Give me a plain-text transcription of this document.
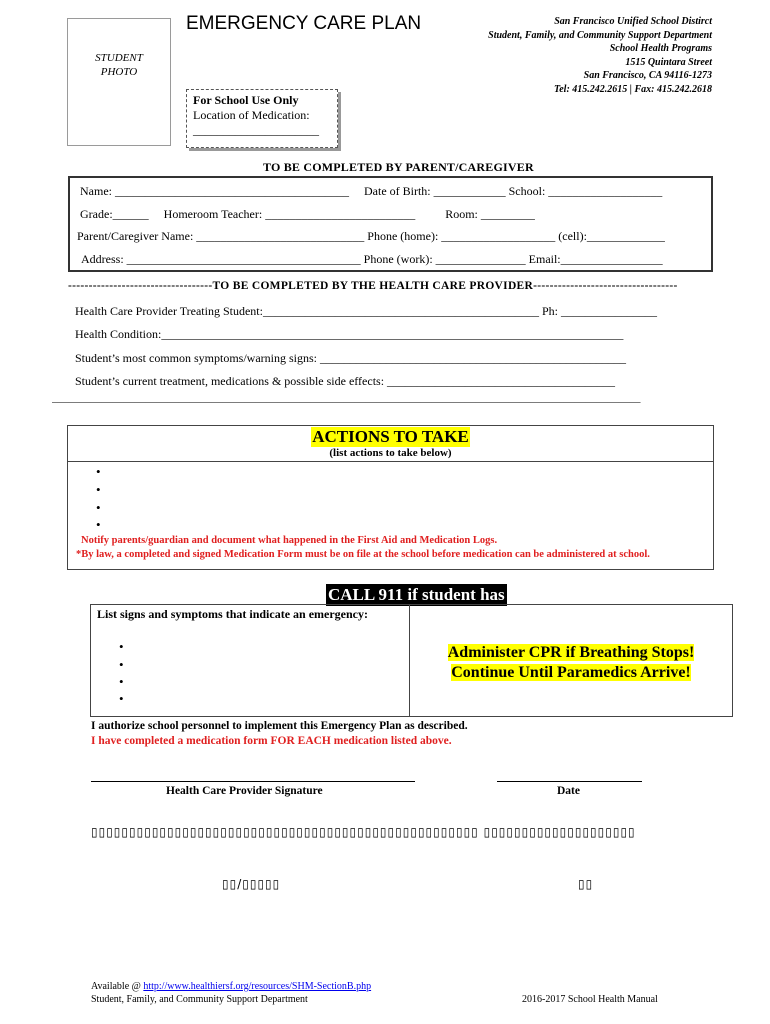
STUDENT
PHOTO
EMERGENCY CARE PLAN	San Francisco Unified School Distirct
Student, Family, and Community Support Department
School Health Programs
1515 Quintara Street
San Francisco, CA 94116-1273
Tel: 415.242.2615 | Fax: 415.242.2618
For School Use Only
Location of Medication:
_____________________
TO BE COMPLETED BY PARENT/CAREGIVER
Name: _______________________________________     Date of Birth: ____________ School: ___________________
Grade:______     Homeroom Teacher: _________________________          Room: _________
Parent/Caregiver Name: ____________________________ Phone (home): ___________________ (cell):_____________
Address: _______________________________________ Phone (work): _______________ Email:_________________
-----------------------------------TO BE COMPLETED BY THE HEALTH CARE PROVIDER-----------------------------------
Health Care Provider Treating Student:______________________________________________ Ph: ________________
Health Condition:_____________________________________________________________________________
Student’s most common symptoms/warning signs: ___________________________________________________
Student’s current treatment, medications & possible side effects: ______________________________________
___________________________________________________________________________________________________________
ACTIONS TO TAKE
(list actions to take below)
•
•
•
•
Notify parents/guardian and document what happened in the First Aid and Medication Logs.
*By law, a completed and signed Medication Form must be on file at the school before medication can be administered at school.
CALL 911 if student has
List signs and symptoms that indicate an emergency:
•
•
•
•
Administer CPR if Breathing Stops!
Continue Until Paramedics Arrive!
I authorize school personnel to implement this Emergency Plan as described.
I have completed a medication form FOR EACH medication listed above.
Health Care Provider Signature	Date
▯▯▯▯▯▯▯▯▯▯▯▯▯▯▯▯▯▯▯▯▯▯▯▯▯▯▯▯▯▯▯▯▯▯▯▯▯▯▯▯▯▯▯▯▯▯▯▯▯▯▯ ▯▯▯▯▯▯▯▯▯▯▯▯▯▯▯▯▯▯▯▯
▯▯/▯▯▯▯▯	▯▯
Available @ http://www.healthiersf.org/resources/SHM-SectionB.php
Student, Family, and Community Support Department	2016-2017 School Health Manual
